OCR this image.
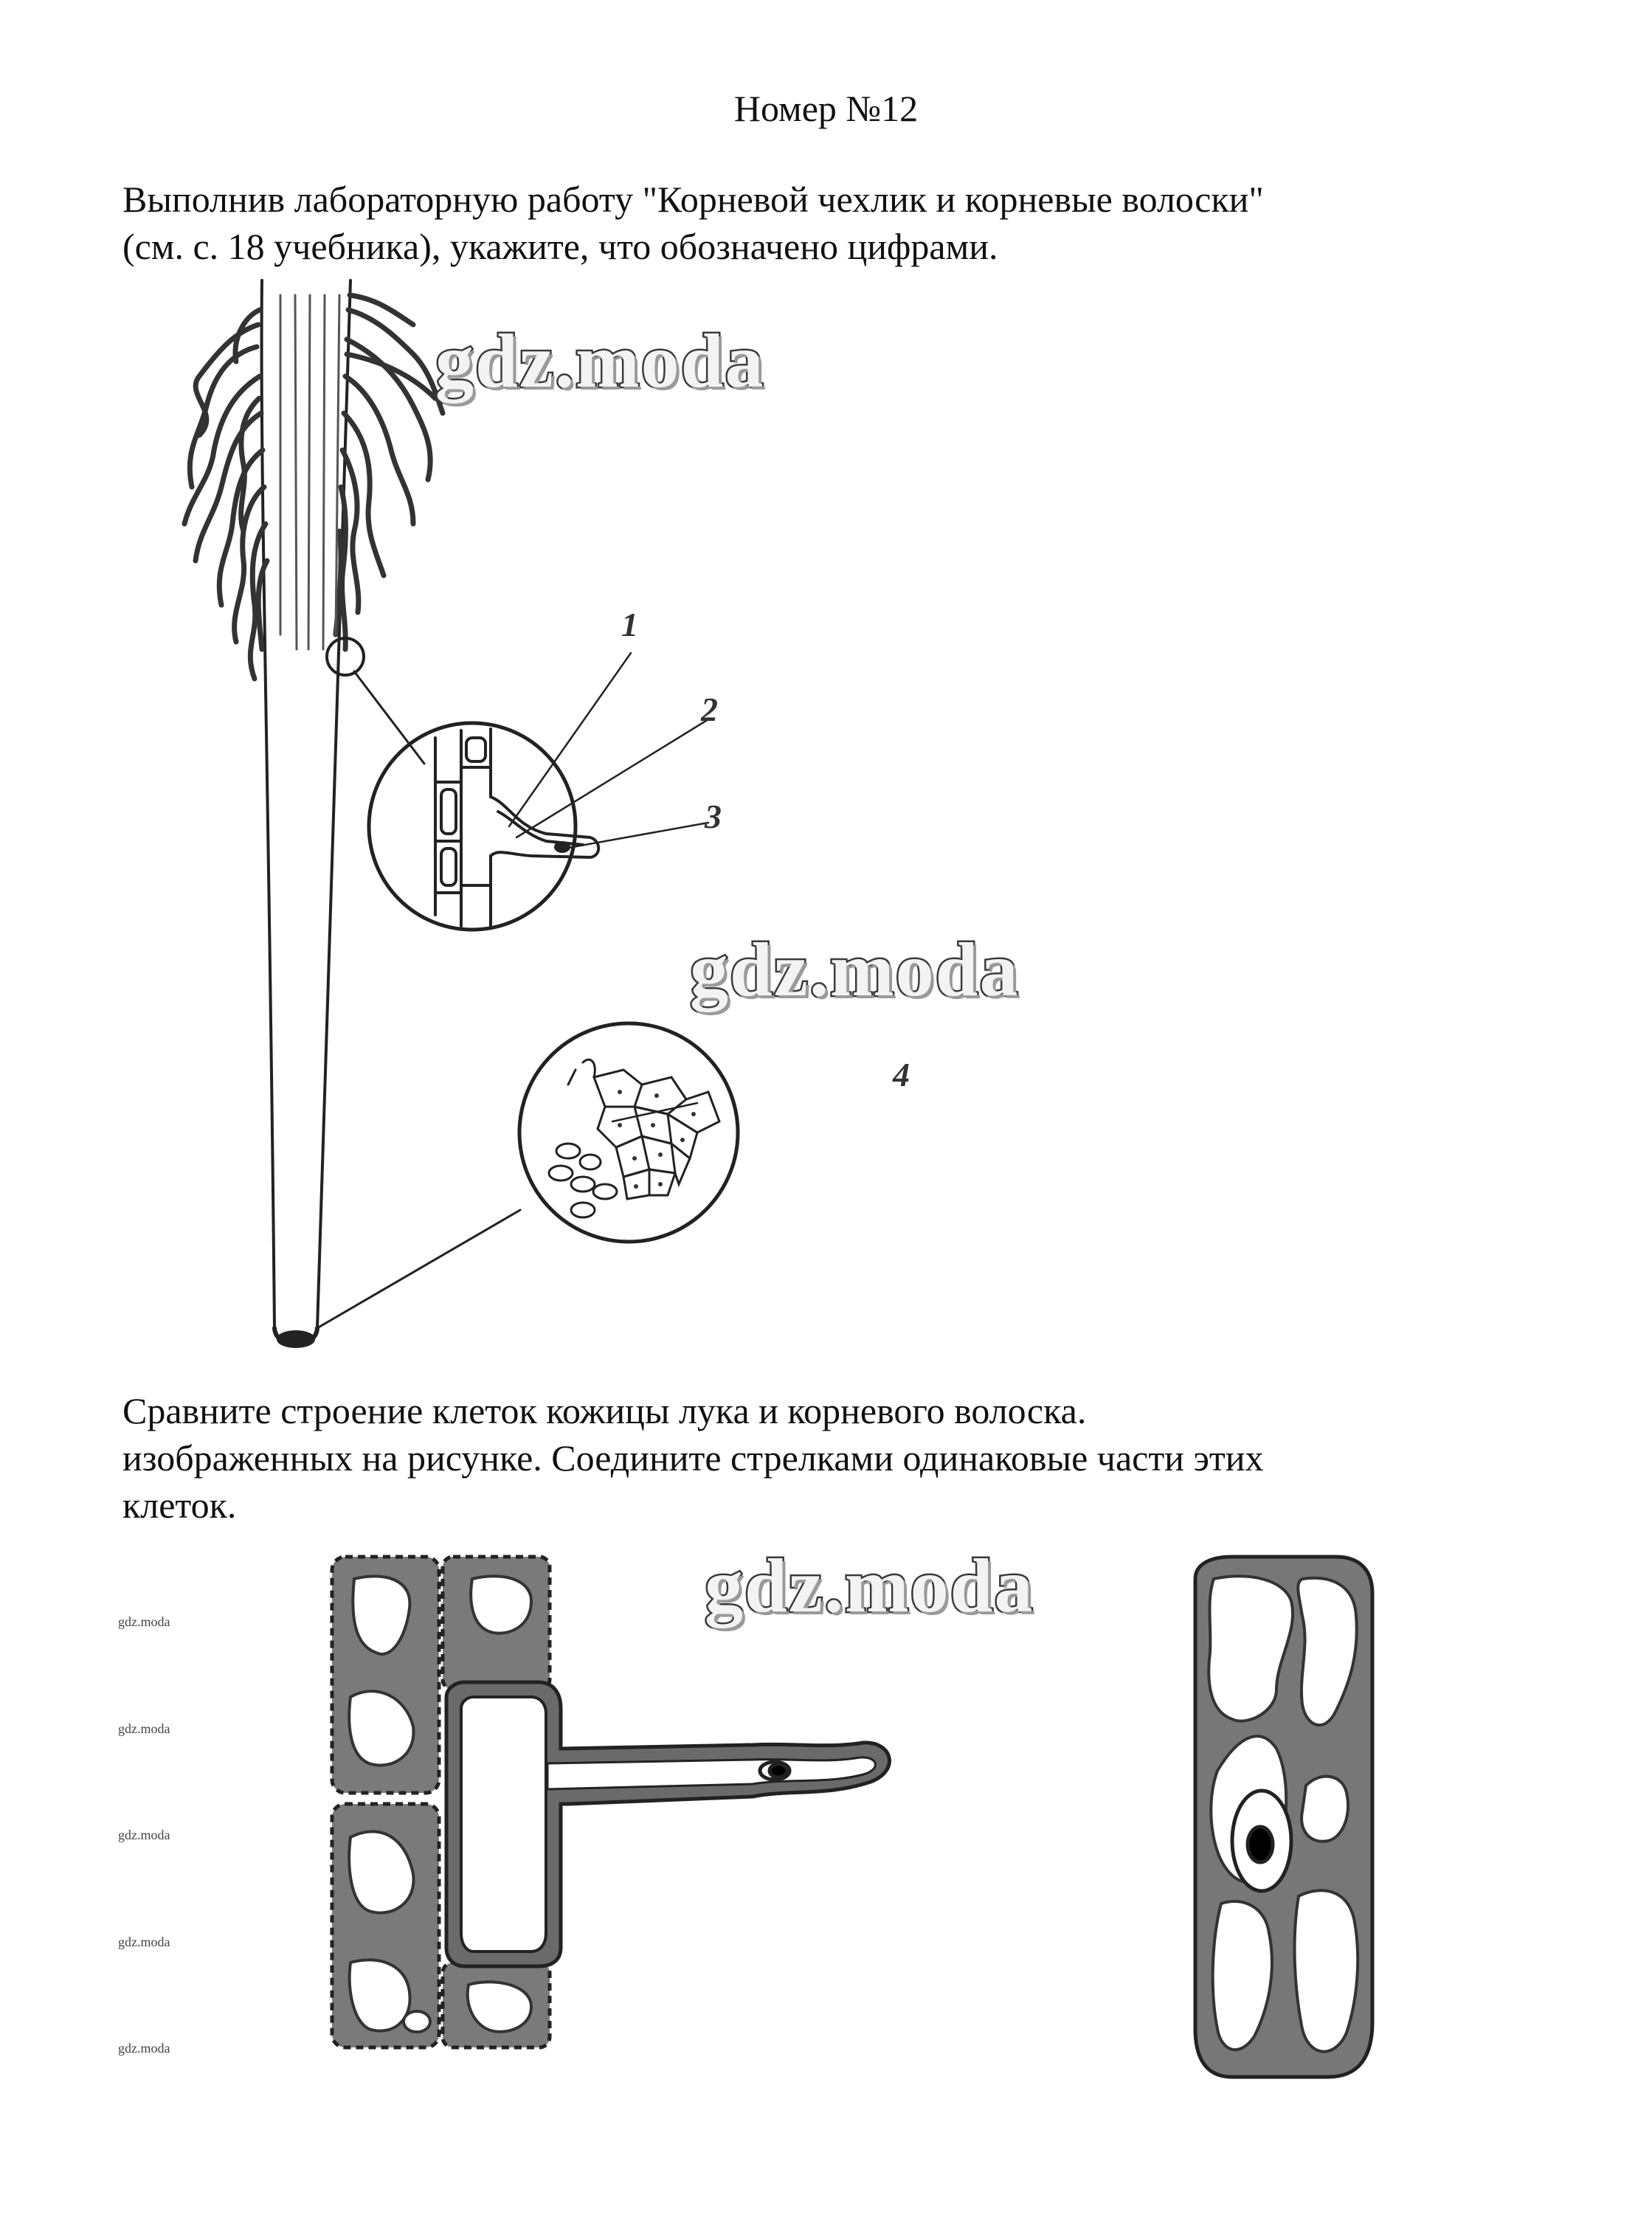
Номер №12
Выполнив лабораторную работу "Корневой чехлик и корневые волоски"
(см. с. 18 учебника), укажите, что обозначено цифрами.
1
2
3
4
gdz.moda
gdz.moda
gdz.moda
Сравните строение клеток кожицы лука и корневого волоска.
изображенных на рисунке. Соедините стрелками одинаковые части этих
клеток.
gdz.moda
gdz.moda
gdz.moda
gdz.moda
gdz.moda
